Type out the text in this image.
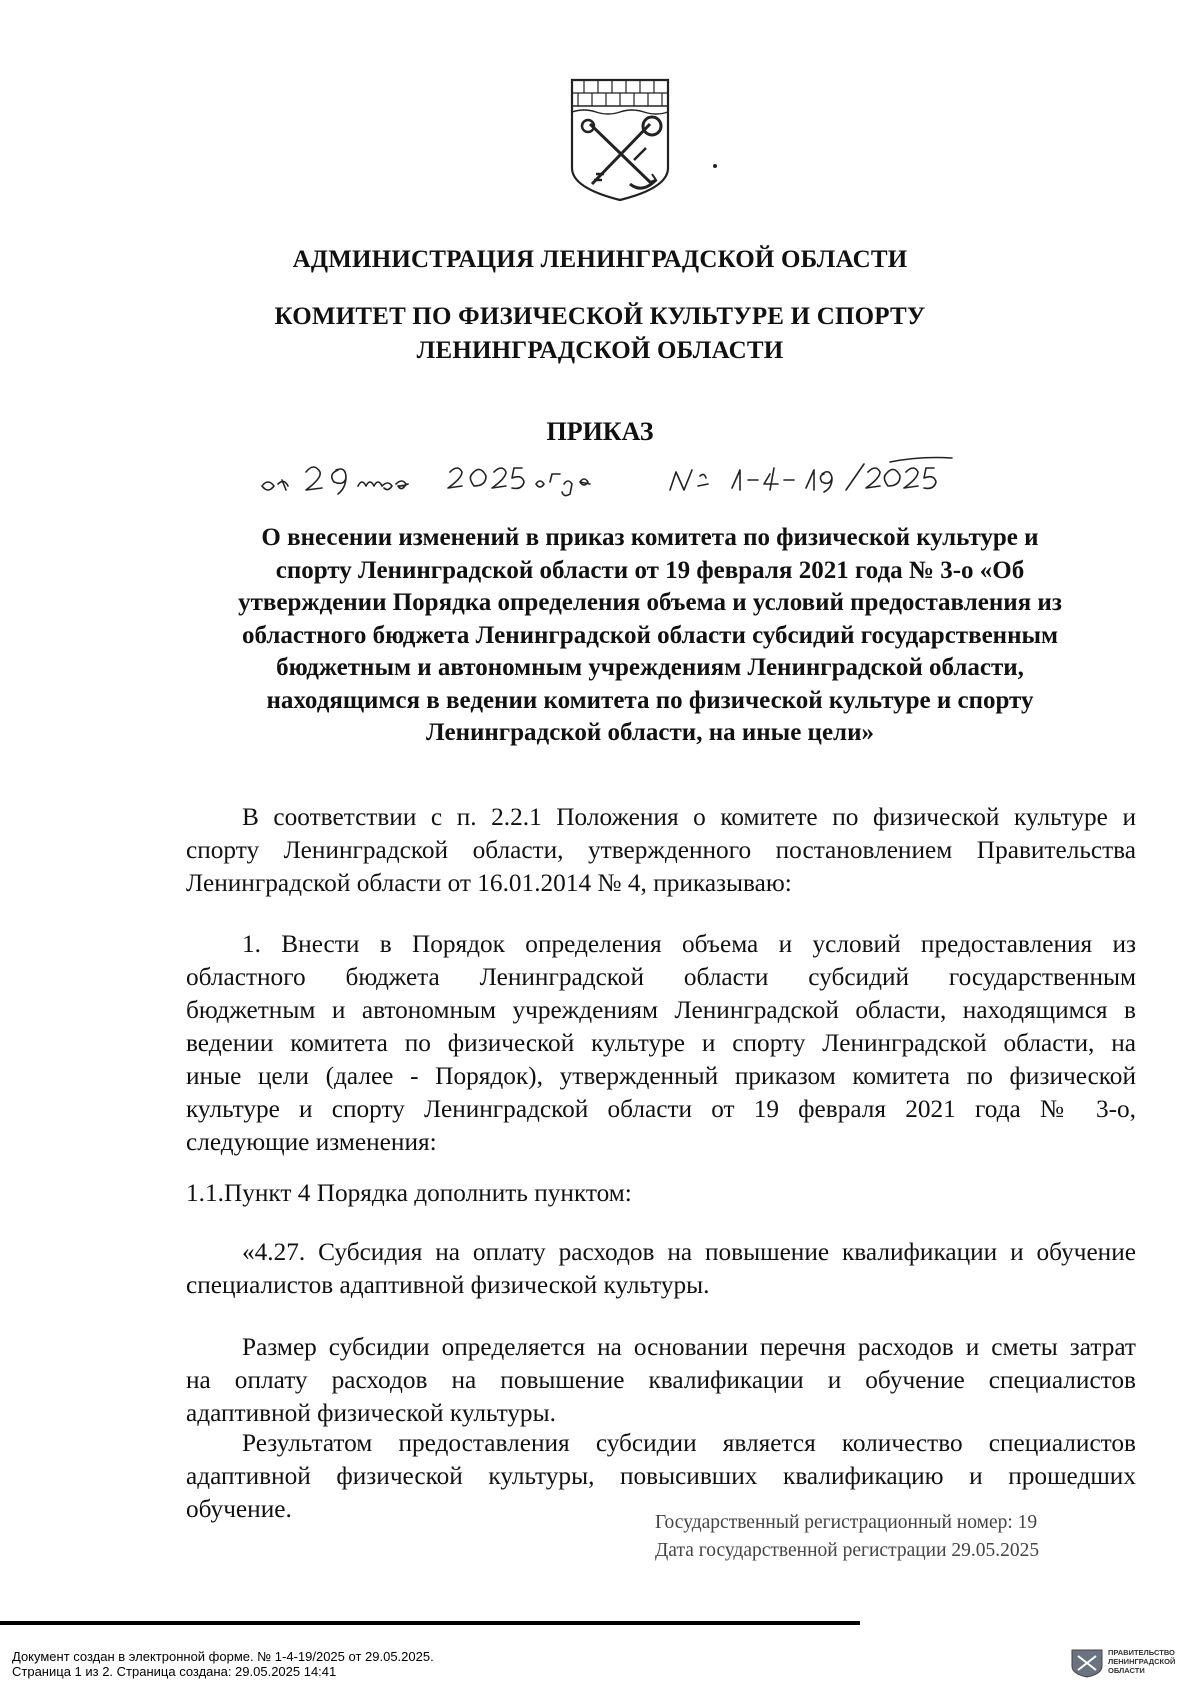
АДМИНИСТРАЦИЯ ЛЕНИНГРАДСКОЙ ОБЛАСТИ
КОМИТЕТ ПО ФИЗИЧЕСКОЙ КУЛЬТУРЕ И СПОРТУ
ЛЕНИНГРАДСКОЙ ОБЛАСТИ
ПРИКАЗ
О внесении изменений в приказ комитета по физической культуре и
спорту Ленинградской области от 19 февраля 2021 года № 3-о «Об
утверждении Порядка определения объема и условий предоставления из
областного бюджета Ленинградской области субсидий государственным
бюджетным и автономным учреждениям Ленинградской области,
находящимся в ведении комитета по физической культуре и спорту
Ленинградской области, на иные цели»
В соответствии с п. 2.2.1 Положения о комитете по физической культуре и
спорту Ленинградской области, утвержденного постановлением Правительства
Ленинградской области от 16.01.2014 № 4, приказываю:
1. Внести в Порядок определения объема и условий предоставления из
областного бюджета Ленинградской области субсидий государственным
бюджетным и автономным учреждениям Ленинградской области, находящимся в
ведении комитета по физической культуре и спорту Ленинградской области, на
иные цели (далее - Порядок), утвержденный приказом комитета по физической
культуре и спорту Ленинградской области от 19 февраля 2021 года № 3-о,
следующие изменения:
1.1.Пункт 4 Порядка дополнить пунктом:
«4.27. Субсидия на оплату расходов на повышение квалификации и обучение
специалистов адаптивной физической культуры.
Размер субсидии определяется на основании перечня расходов и сметы затрат
на оплату расходов на повышение квалификации и обучение специалистов
адаптивной физической культуры.
Результатом предоставления субсидии является количество специалистов
адаптивной физической культуры, повысивших квалификацию и прошедших
обучение.	Государственный регистрационный номер: 19
Дата государственной регистрации 29.05.2025
Документ создан в электронной форме. № 1-4-19/2025 от 29.05.2025.
Страница 1 из 2. Страница создана: 29.05.2025 14:41
ПРАВИТЕЛЬСТВО
ЛЕНИНГРАДСКОЙ
ОБЛАСТИ
